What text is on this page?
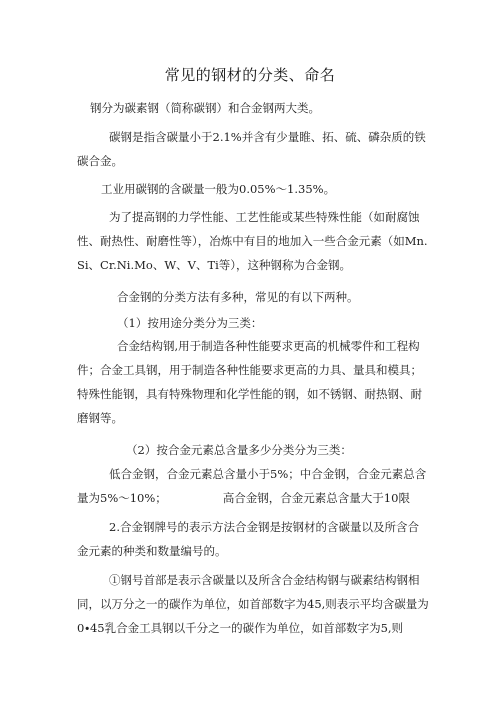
常见的钢材的分类、命名

钢分为碳素钢（简称碳钢）和合金钢两大类。

碳钢是指含碳量小于2.1%并含有少量睢、拓、硫、磷杂质的铁碳合金。

工业用碳钢的含碳量一般为0.05%～1.35%。

为了提高钢的力学性能、工艺性能或某些特殊性能（如耐腐蚀性、耐热性、耐磨性等），冶炼中有目的地加入一些合金元素（如Mn.Si、Cr.Ni.Mo、W、V、Ti等），这种钢称为合金钢。

合金钢的分类方法有多种，常见的有以下两种。

（1）按用途分类分为三类：

合金结构钢,用于制造各种性能要求更高的机械零件和工程构件；合金工具钢，用于制造各种性能要求更高的力具、量具和模具；特殊性能钢，具有特殊物理和化学性能的钢，如不锈钢、耐热钢、耐磨钢等。

（2）按合金元素总含量多少分类分为三类：

低合金钢，合金元素总含量小于5%；中合金钢，合金元素总含量为5%～10%；	高合金钢，合金元素总含量大于10限

2.合金钢牌号的表示方法合金钢是按钢材的含碳量以及所含合金元素的种类和数量编号的。

①钢号首部是表示含碳量以及所含合金结构钢与碳素结构钢相同，以万分之一的碳作为单位，如首部数字为45,则表示平均含碳量为0∙45乳合金工具钢以千分之一的碳作为单位，如首部数字为5,则
